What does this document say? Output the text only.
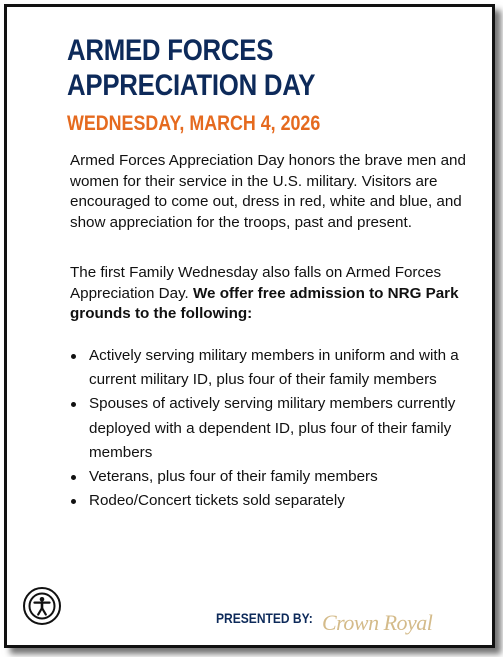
ARMED FORCES APPRECIATION DAY
WEDNESDAY, MARCH 4, 2026

Armed Forces Appreciation Day honors the brave men and women for their service in the U.S. military. Visitors are encouraged to come out, dress in red, white and blue, and show appreciation for the troops, past and present.

The first Family Wednesday also falls on Armed Forces Appreciation Day. We offer free admission to NRG Park grounds to the following:

Actively serving military members in uniform and with a current military ID, plus four of their family members
Spouses of actively serving military members currently deployed with a dependent ID, plus four of their family members
Veterans, plus four of their family members
Rodeo/Concert tickets sold separately
PRESENTED BY: Crown Royal
